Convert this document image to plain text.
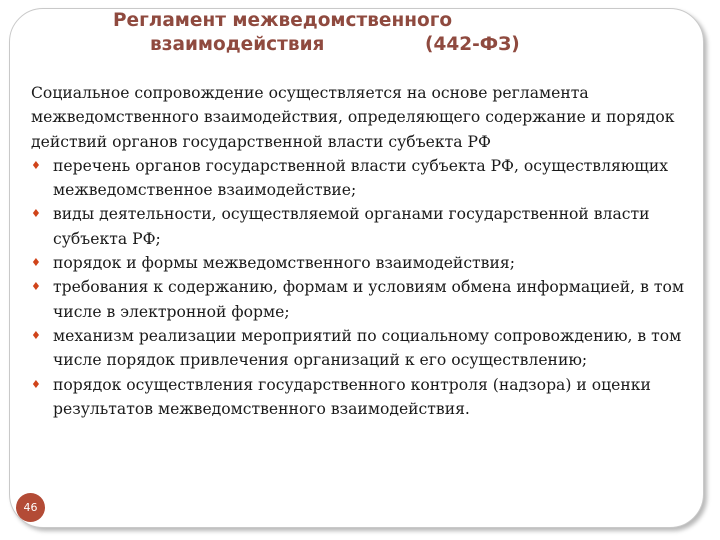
Регламент межведомственного
взаимодействия	(442-ФЗ)

Социальное сопровождение осуществляется на основе регламента межведомственного взаимодействия, определяющего содержание и порядок действий органов государственной власти субъекта РФ

♦ перечень органов государственной власти субъекта РФ, осуществляющих межведомственное взаимодействие;
♦ виды деятельности, осуществляемой органами государственной власти субъекта РФ;
♦ порядок и формы межведомственного взаимодействия;
♦ требования к содержанию, формам и условиям обмена информацией, в том числе в электронной форме;
♦ механизм реализации мероприятий по социальному сопровождению, в том числе порядок привлечения организаций к его осуществлению;
♦ порядок осуществления государственного контроля (надзора) и оценки результатов межведомственного взаимодействия.
46
